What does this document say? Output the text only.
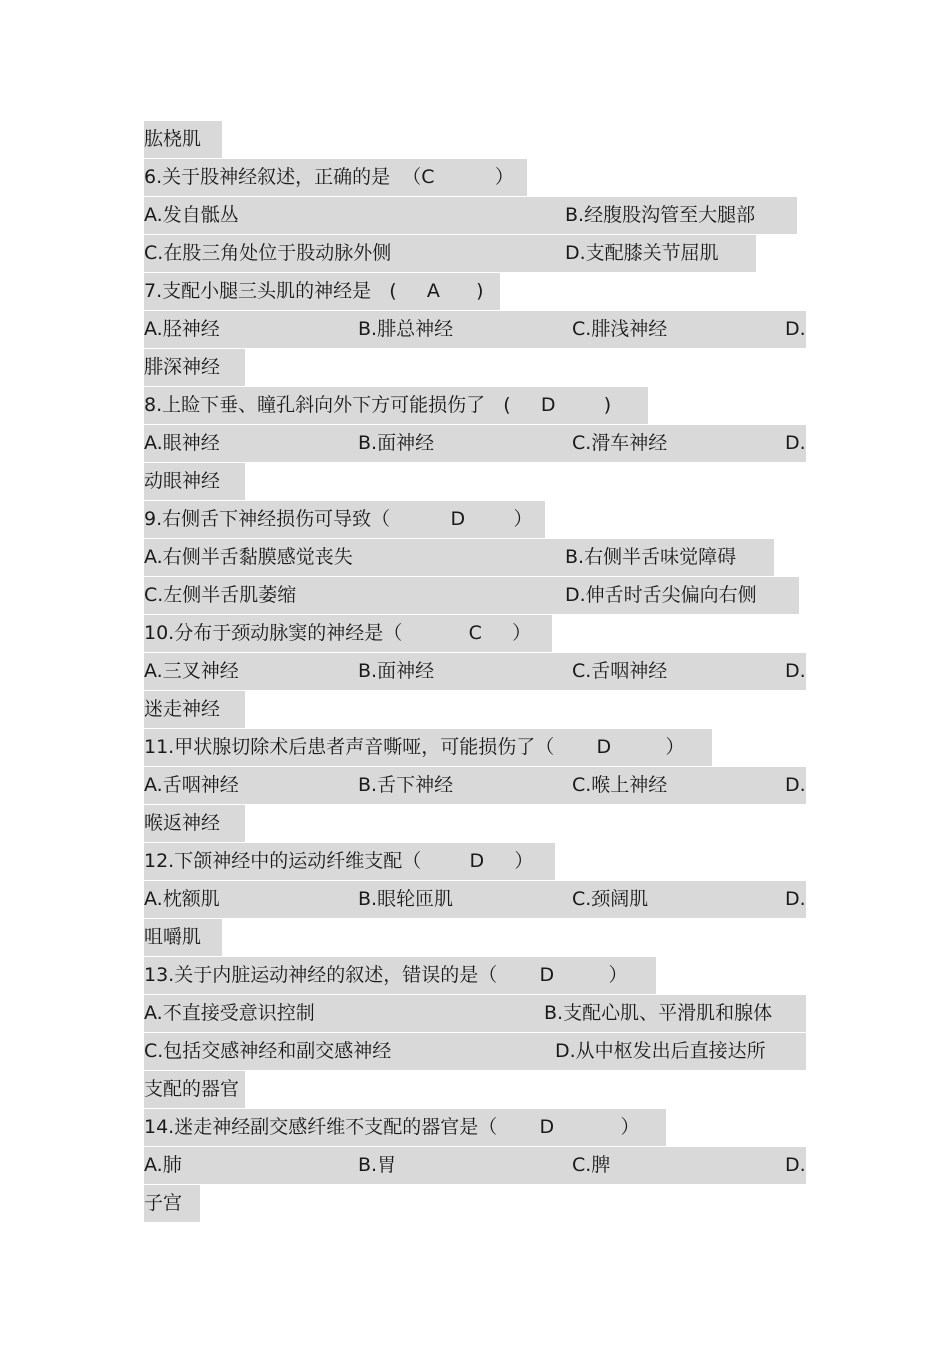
肱桡肌
6.关于股神经叙述，正确的是  （C          ）
A.发自骶丛	B.经腹股沟管至大腿部
C.在股三角处位于股动脉外侧	D.支配膝关节屈肌
7.支配小腿三头肌的神经是   (     A      )
A.胫神经	B.腓总神经	C.腓浅神经	D.
腓深神经
8.上睑下垂、瞳孔斜向外下方可能损伤了   (     D        )
A.眼神经	B.面神经	C.滑车神经	D.
动眼神经
9.右侧舌下神经损伤可导致（          D        ）
A.右侧半舌黏膜感觉丧失	B.右侧半舌味觉障碍
C.左侧半舌肌萎缩	D.伸舌时舌尖偏向右侧
10.分布于颈动脉窦的神经是（           C     ）
A.三叉神经	B.面神经	C.舌咽神经	D.
迷走神经
11.甲状腺切除术后患者声音嘶哑，可能损伤了（       D         ）
A.舌咽神经	B.舌下神经	C.喉上神经	D.
喉返神经
12.下颌神经中的运动纤维支配（        D     ）
A.枕额肌	B.眼轮匝肌	C.颈阔肌	D.
咀嚼肌
13.关于内脏运动神经的叙述，错误的是（       D         ）
A.不直接受意识控制	B.支配心肌、平滑肌和腺体
C.包括交感神经和副交感神经	D.从中枢发出后直接达所
支配的器官
14.迷走神经副交感纤维不支配的器官是（       D           ）
A.肺	B.胃	C.脾	D.
子宫
